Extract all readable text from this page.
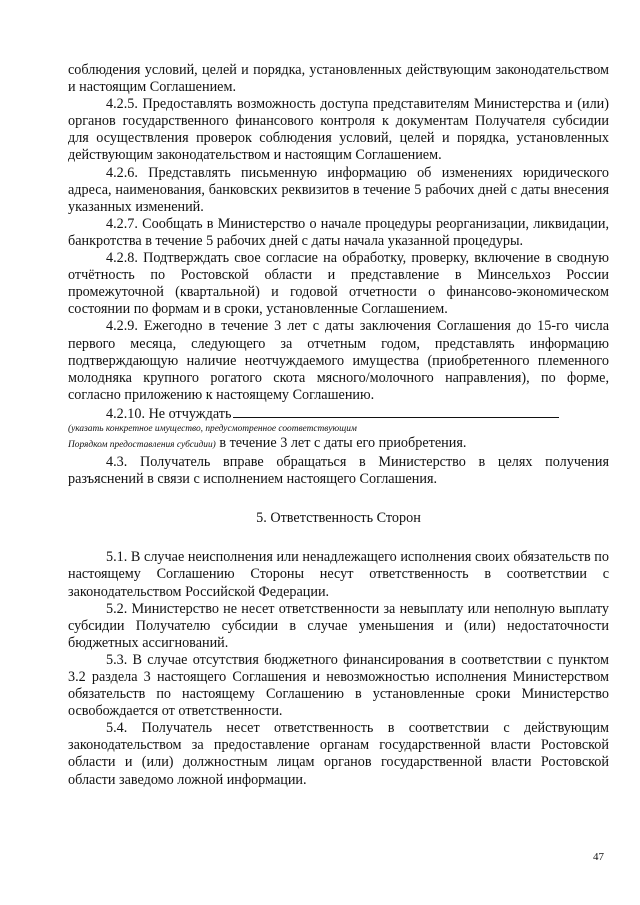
соблюдения условий, целей и порядка, установленных действующим законодательством и настоящим Соглашением.

4.2.5. Предоставлять возможность доступа представителям Министерства и (или) органов государственного финансового контроля к документам Получателя субсидии для осуществления проверок соблюдения условий, целей и порядка, установленных действующим законодательством и настоящим Соглашением.

4.2.6. Представлять письменную информацию об изменениях юридического адреса, наименования, банковских реквизитов в течение 5 рабочих дней с даты внесения указанных изменений.

4.2.7. Сообщать в Министерство о начале процедуры реорганизации, ликвидации, банкротства в течение 5 рабочих дней с даты начала указанной процедуры.

4.2.8. Подтверждать свое согласие на обработку, проверку, включение в сводную отчётность по Ростовской области и представление в Минсельхоз России промежуточной (квартальной) и годовой отчетности о финансово-экономическом состоянии по формам и в сроки, установленные Соглашением.

4.2.9. Ежегодно в течение 3 лет с даты заключения Соглашения до 15-го числа первого месяца, следующего за отчетным годом, представлять информацию подтверждающую наличие неотчуждаемого имущества (приобретенного племенного молодняка крупного рогатого скота мясного/молочного направления), по форме, согласно приложению к настоящему Соглашению.

4.2.10. Не отчуждать

(указать конкретное имущество, предусмотренное соответствующим

Порядком предоставления субсидии) в течение 3 лет с даты его приобретения.

4.3. Получатель вправе обращаться в Министерство в целях получения разъяснений в связи с исполнением настоящего Соглашения.

5. Ответственность Сторон

5.1. В случае неисполнения или ненадлежащего исполнения своих обязательств по настоящему Соглашению Стороны несут ответственность в соответствии с законодательством Российской Федерации.

5.2. Министерство не несет ответственности за невыплату или неполную выплату субсидии Получателю субсидии в случае уменьшения и (или) недостаточности бюджетных ассигнований.

5.3. В случае отсутствия бюджетного финансирования в соответствии с пунктом 3.2 раздела 3 настоящего Соглашения и невозможностью исполнения Министерством обязательств по настоящему Соглашению в установленные сроки Министерство освобождается от ответственности.

5.4. Получатель несет ответственность в соответствии с действующим законодательством за предоставление органам государственной власти Ростовской области и (или) должностным лицам органов государственной власти Ростовской области заведомо ложной информации.

47
